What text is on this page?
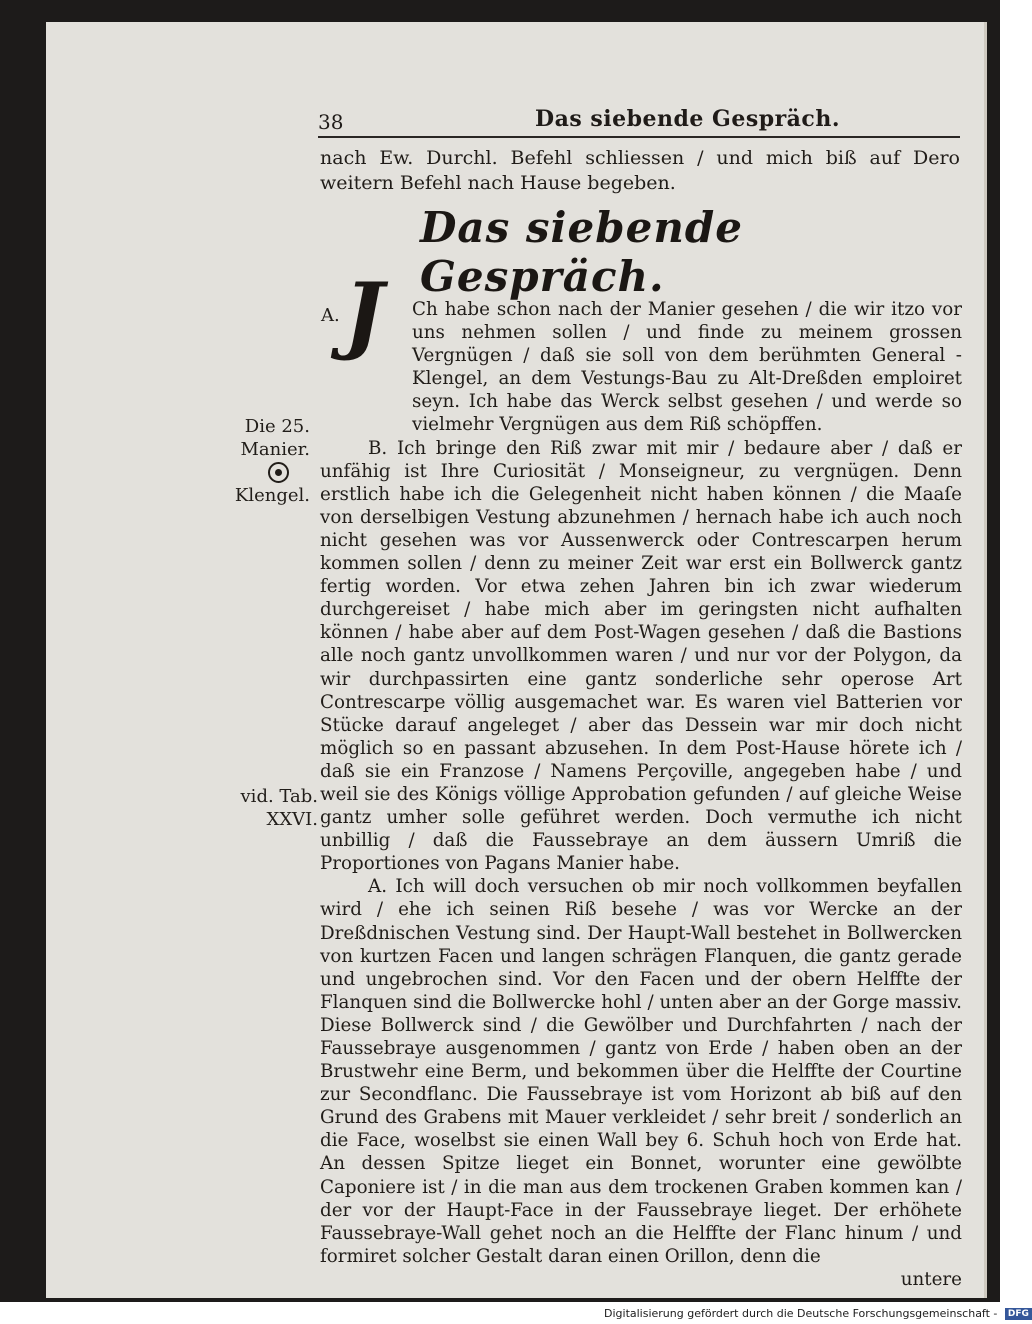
38	Das siebende Gespräch.
nach Ew. Durchl. Befehl schliessen / und mich biß auf Dero weitern Befehl nach Hause begeben.
Das siebende Gespräch.
A. J	Ch habe schon nach der Manier gesehen / die wir itzo vor uns nehmen sollen / und finde zu meinem grossen Vergnügen / daß sie soll von dem berühmten General - Klengel, an dem Vestungs-Bau zu Alt-Dreßden emploiret seyn. Ich habe das Werck selbst gesehen / und werde so vielmehr Vergnügen aus dem Riß schöpffen.

B. Ich bringe den Riß zwar mit mir / bedaure aber / daß er unfähig ist Ihre Curiosität / Monseigneur, zu vergnügen. Denn erstlich habe ich die Gelegenheit nicht haben können / die Maaſe von derselbigen Vestung abzunehmen / hernach habe ich auch noch nicht gesehen was vor Aussenwerck oder Contrescarpen herum kommen sollen / denn zu meiner Zeit war erst ein Bollwerck gantz fertig worden. Vor etwa zehen Jahren bin ich zwar wiederum durchgereiset / habe mich aber im geringsten nicht aufhalten können / habe aber auf dem Post-Wagen gesehen / daß die Bastions alle noch gantz unvollkommen waren / und nur vor der Polygon, da wir durchpassirten eine gantz sonderliche sehr operose Art Contrescarpe völlig ausgemachet war. Es waren viel Batterien vor Stücke darauf angeleget / aber das Dessein war mir doch nicht möglich so en passant abzusehen. In dem Post-Hause hörete ich / daß sie ein Franzose / Namens Perçoville, angegeben habe / und weil sie des Königs völlige Approbation gefunden / auf gleiche Weise gantz umher solle geführet werden. Doch vermuthe ich nicht unbillig / daß die Faussebraye an dem äussern Umriß die Proportiones von Pagans Manier habe.

A. Ich will doch versuchen ob mir noch vollkommen beyfallen wird / ehe ich seinen Riß besehe / was vor Wercke an der Dreßdnischen Vestung sind. Der Haupt-Wall bestehet in Bollwercken von kurtzen Facen und langen schrägen Flanquen, die gantz gerade und ungebrochen sind. Vor den Facen und der obern Helffte der Flanquen sind die Bollwercke hohl / unten aber an der Gorge massiv. Diese Bollwerck sind / die Gewölber und Durchfahrten / nach der Faussebraye ausgenommen / gantz von Erde / haben oben an der Brustwehr eine Berm, und bekommen über die Helffte der Courtine zur Secondflanc. Die Faussebraye ist vom Horizont ab biß auf den Grund des Grabens mit Mauer verkleidet / sehr breit / sonderlich an die Face, woselbst sie einen Wall bey 6. Schuh hoch von Erde hat. An dessen Spitze lieget ein Bonnet, worunter eine gewölbte Caponiere ist / in die man aus dem trockenen Graben kommen kan / der vor der Haupt-Face in der Faussebraye lieget. Der erhöhete Faussebraye-Wall gehet noch an die Helffte der Flanc hinum / und formiret solcher Gestalt daran einen Orillon, denn die

untere

Die 25.
Manier.
Klengel.
vid. Tab.
XXVI.
Digitalisierung gefördert durch die Deutsche Forschungsgemeinschaft - DFG
